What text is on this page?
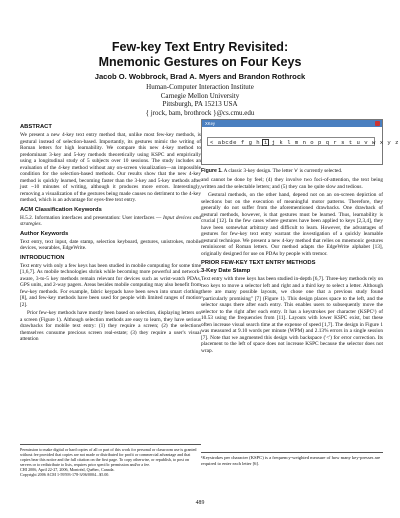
Few-key Text Entry Revisited:
Mnemonic Gestures on Four Keys
Jacob O. Wobbrock, Brad A. Myers and Brandon Rothrock
Human-Computer Interaction Institute
Carnegie Mellon University
Pittsburgh, PA 15213 USA
{ jrock, bam, brothrock }@cs.cmu.edu
ABSTRACT
We present a new 4-key text entry method that, unlike most few-key methods, is gestural instead of selection-based. Importantly, its gestures mimic the writing of Roman letters for high learnability. We compare this new 4-key method to predominant 3-key and 5-key methods theoretically using KSPC and empirically using a longitudinal study of 5 subjects over 10 sessions. The study includes an evaluation of the 4-key method without any on-screen visualization—an impossible condition for the selection-based methods. Our results show that the new 4-key method is quickly learned, becoming faster than the 3-key and 5-key methods after just ~10 minutes of writing, although it produces more errors. Interestingly, removing a visualization of the gestures being made causes no detriment to the 4-key method, which is an advantage for eyes-free text entry.
ACM Classification Keywords
H.5.2. Information interfaces and presentation: User interfaces — Input devices and strategies.
Author Keywords
Text entry, text input, date stamp, selection keyboard, gestures, unistrokes, mobile devices, wearables, EdgeWrite.
INTRODUCTION
Text entry with only a few keys has been studied in mobile computing for some time [1,6,7]. As mobile technologies shrink while becoming more powerful and network-aware, 3-to-5 key methods remain relevant for devices such as wrist-watch PDAs, GPS units, and 2-way pagers. Areas besides mobile computing may also benefit from few-key methods. For example, fabric keypads have been sewn into smart clothing [8], and few-key methods have been used for people with limited ranges of motion [2].
Prior few-key methods have mostly been based on selection, displaying letters on a screen (Figure 1). Although selection methods are easy to learn, they have serious drawbacks for mobile text entry: (1) they require a screen; (2) the selections themselves consume precious screen real-estate; (3) they require a user's visual attention
Permission to make digital or hard copies of all or part of this work for personal or classroom use is granted without fee provided that copies are not made or distributed for profit or commercial advantage and that copies bear this notice and the full citation on the first page. To copy otherwise, or republish, to post on servers or to redistribute to lists, requires prior specific permission and/or a fee.
CHI 2006, April 22-27, 2006, Montréal, Québec, Canada.
Copyright 2006 ACM 1-59593-178-3/06/0004...$5.00.
XKey
< abcde f g h i j k l m n o p q r s t u v w x y z
Figure 1. A classic 3-key design. The letter 'e' is currently selected.
and cannot be done by feel; (4) they involve two foci-of-attention, the text being written and the selectable letters; and (5) they can be quite slow and tedious.
Gestural methods, on the other hand, depend not on an on-screen depiction of selections but on the execution of meaningful motor patterns. Therefore, they generally do not suffer from the aforementioned drawbacks. One drawback of gestural methods, however, is that gestures must be learned. Thus, learnability is crucial [12]. In the few cases where gestures have been applied to keys [2,3,4], they have been somewhat arbitrary and difficult to learn. However, the advantages of gestures for few-key text entry warrant the investigation of a quickly learnable gestural technique. We present a new 4-key method that relies on mnemonic gestures reminiscent of Roman letters. Our method adapts the EdgeWrite alphabet [13], originally designed for use on PDAs by people with tremor.
PRIOR FEW-KEY TEXT ENTRY METHODS
3-Key Date Stamp
Text entry with three keys has been studied in-depth [6,7]. Three-key methods rely on two keys to move a selector left and right and a third key to select a letter. Although there are many possible layouts, we chose one that a previous study found "particularly promising" [7] (Figure 1). This design places space to the left, and the selector snaps there after each entry. This enables users to subsequently move the selector to the right after each entry. It has a keystrokes per character (KSPC¹) of 10.53 using the frequencies from [11]. Layouts with lower KSPC exist, but these often increase visual search time at the expense of speed [1,7]. The design in Figure 1 was measured at 9.10 words per minute (WPM) and 2.13% errors in a single session [7]. Note that we augmented this design with backspace ('<') for error correction. Its placement to the left of space does not increase KSPC because the selector does not wrap.
¹Keystrokes per character (KSPC) is a frequency-weighted measure of how many key-presses are required to enter each letter [6].
489
